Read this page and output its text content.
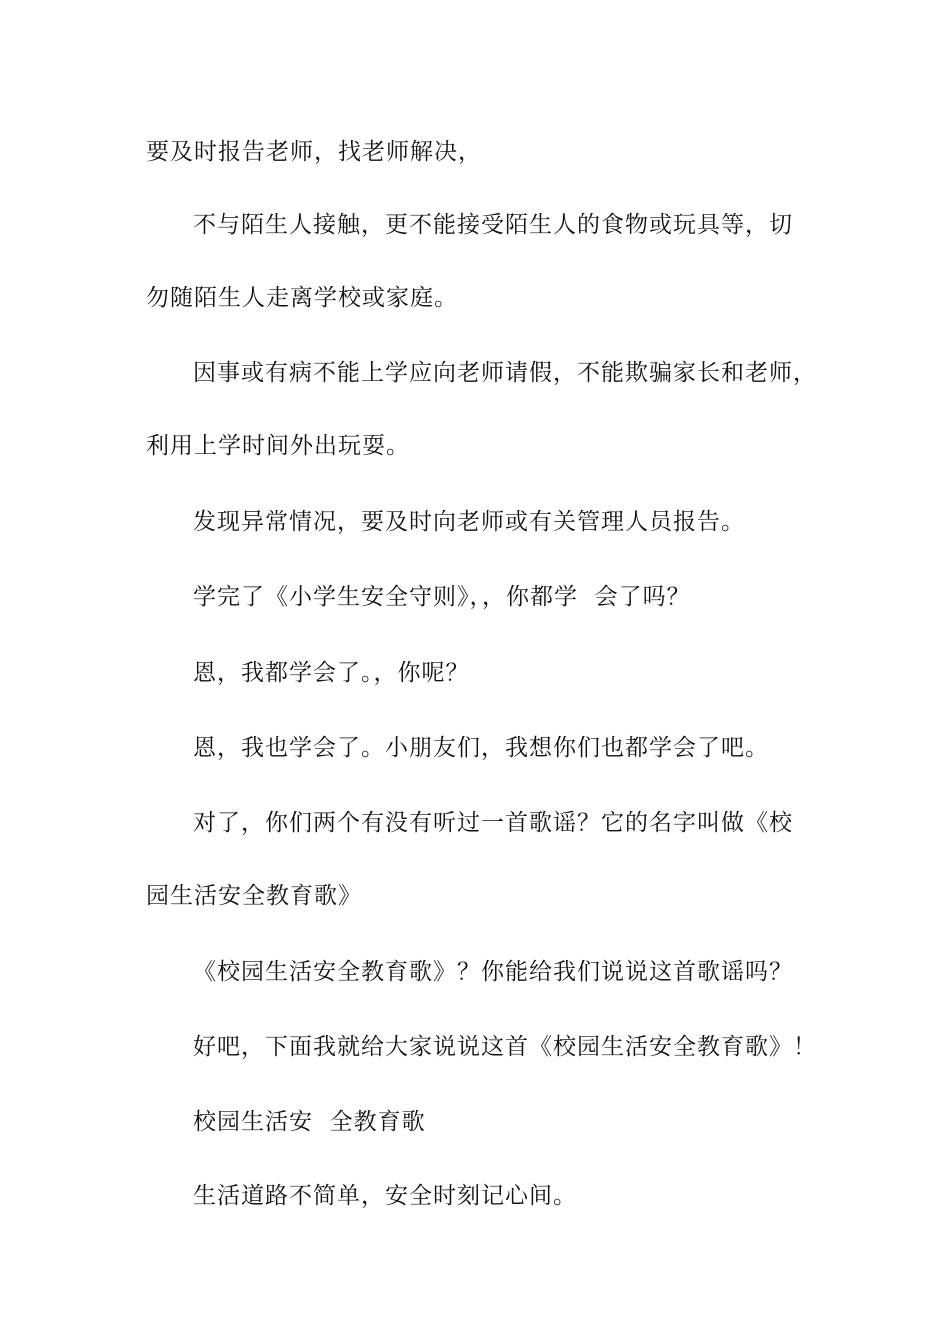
要及时报告老师，找老师解决，
不与陌生人接触，更不能接受陌生人的食物或玩具等，切
勿随陌生人走离学校或家庭。
因事或有病不能上学应向老师请假，不能欺骗家长和老师，
利用上学时间外出玩耍。
发现异常情况，要及时向老师或有关管理人员报告。
学完了《小学生安全守则》，，你都学  会了吗？
恩，我都学会了。，你呢？
恩，我也学会了。小朋友们，我想你们也都学会了吧。
对了，你们两个有没有听过一首歌谣？它的名字叫做《校
园生活安全教育歌》
《校园生活安全教育歌》？你能给我们说说这首歌谣吗？
好吧，下面我就给大家说说这首《校园生活安全教育歌》！
校园生活安  全教育歌
生活道路不简单，安全时刻记心间。
